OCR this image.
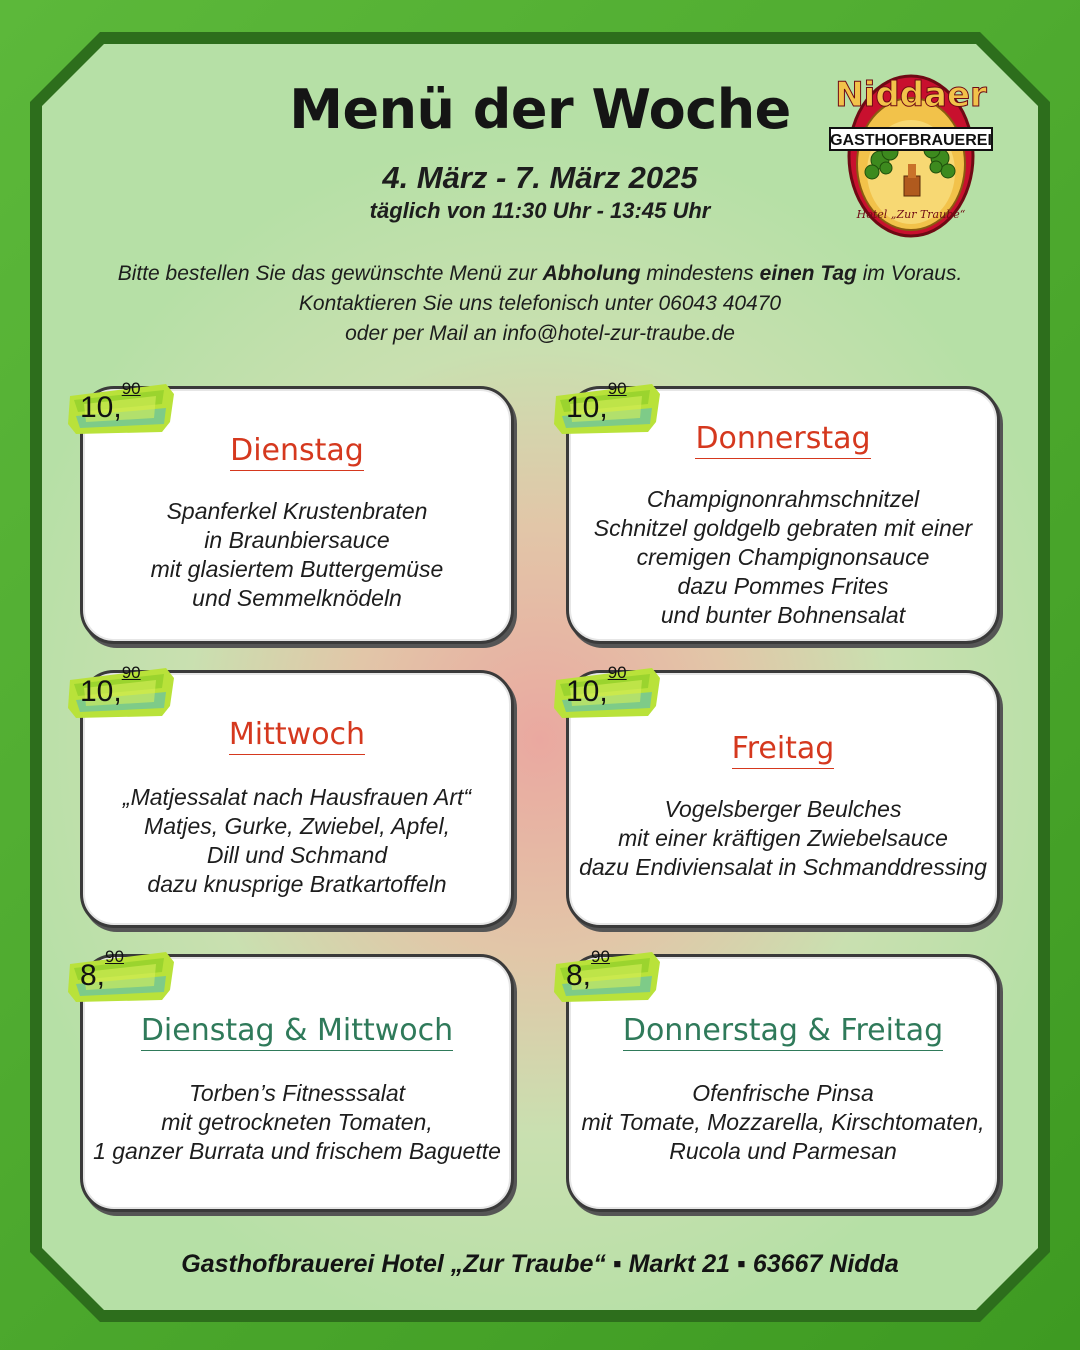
Menü der Woche
4. März - 7. März 2025
täglich von 11:30 Uhr - 13:45 Uhr
Bitte bestellen Sie das gewünschte Menü zur Abholung mindestens einen Tag im Voraus.
Kontaktieren Sie uns telefonisch unter 06043 40470
oder per Mail an info@hotel-zur-traube.de
Niddaer
GASTHOFBRAUEREI
Hotel „Zur Traube“
Dienstag
Spanferkel Krustenbraten
in Braunbiersauce
mit glasiertem Buttergemüse
und Semmelknödeln
10,90
Donnerstag
Champignonrahmschnitzel
Schnitzel goldgelb gebraten mit einer
cremigen Champignonsauce
dazu Pommes Frites
und bunter Bohnensalat
10,90
Mittwoch
„Matjessalat nach Hausfrauen Art“
Matjes, Gurke, Zwiebel, Apfel,
Dill und Schmand
dazu knusprige Bratkartoffeln
10,90
Freitag
Vogelsberger Beulches
mit einer kräftigen Zwiebelsauce
dazu Endiviensalat in Schmanddressing
10,90
Dienstag & Mittwoch
Torben’s Fitnesssalat
mit getrockneten Tomaten,
1 ganzer Burrata und frischem Baguette
8,90
Donnerstag & Freitag
Ofenfrische Pinsa
mit Tomate, Mozzarella, Kirschtomaten,
Rucola und Parmesan
8,90
Gasthofbrauerei Hotel „Zur Traube“ ▪ Markt 21 ▪ 63667 Nidda
